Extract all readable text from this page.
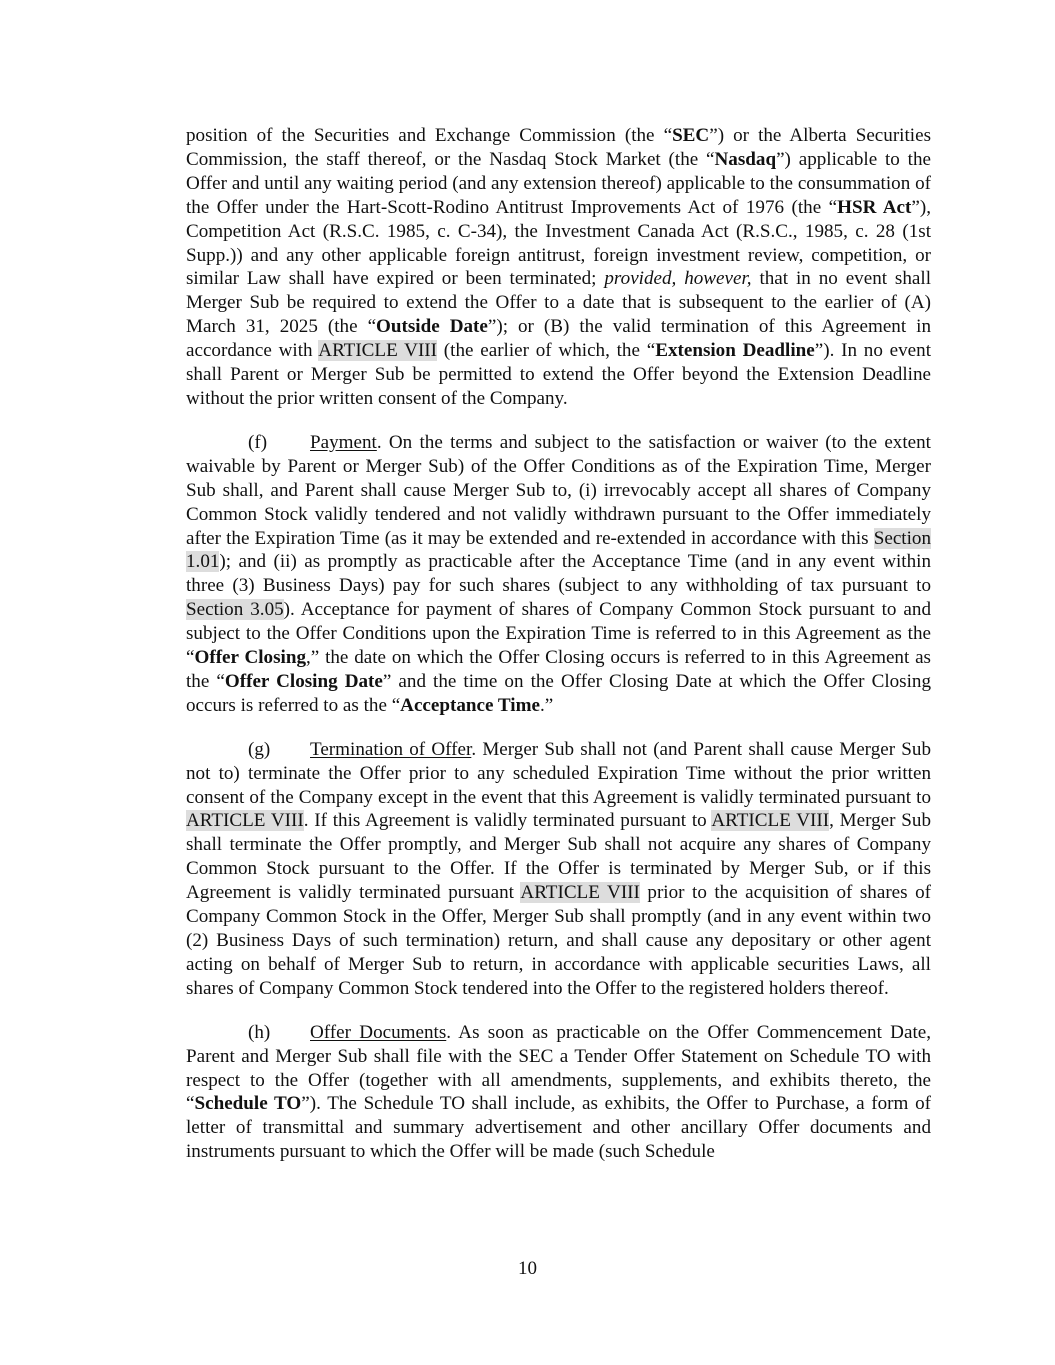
position of the Securities and Exchange Commission (the “SEC”) or the Alberta Securities Commission, the staff thereof, or the Nasdaq Stock Market (the “Nasdaq”) applicable to the Offer and until any waiting period (and any extension thereof) applicable to the consummation of the Offer under the Hart-Scott-Rodino Antitrust Improvements Act of 1976 (the “HSR Act”), Competition Act (R.S.C. 1985, c. C-34), the Investment Canada Act (R.S.C., 1985, c. 28 (1st Supp.)) and any other applicable foreign antitrust, foreign investment review, competition, or similar Law shall have expired or been terminated; provided, however, that in no event shall Merger Sub be required to extend the Offer to a date that is subsequent to the earlier of (A) March 31, 2025 (the “Outside Date”); or (B) the valid termination of this Agreement in accordance with ARTICLE VIII (the earlier of which, the “Extension Deadline”). In no event shall Parent or Merger Sub be permitted to extend the Offer beyond the Extension Deadline without the prior written consent of the Company.

(f) Payment. On the terms and subject to the satisfaction or waiver (to the extent waivable by Parent or Merger Sub) of the Offer Conditions as of the Expiration Time, Merger Sub shall, and Parent shall cause Merger Sub to, (i) irrevocably accept all shares of Company Common Stock validly tendered and not validly withdrawn pursuant to the Offer immediately after the Expiration Time (as it may be extended and re-extended in accordance with this Section 1.01); and (ii) as promptly as practicable after the Acceptance Time (and in any event within three (3) Business Days) pay for such shares (subject to any withholding of tax pursuant to Section 3.05). Acceptance for payment of shares of Company Common Stock pursuant to and subject to the Offer Conditions upon the Expiration Time is referred to in this Agreement as the “Offer Closing,” the date on which the Offer Closing occurs is referred to in this Agreement as the “Offer Closing Date” and the time on the Offer Closing Date at which the Offer Closing occurs is referred to as the “Acceptance Time.”

(g) Termination of Offer. Merger Sub shall not (and Parent shall cause Merger Sub not to) terminate the Offer prior to any scheduled Expiration Time without the prior written consent of the Company except in the event that this Agreement is validly terminated pursuant to ARTICLE VIII. If this Agreement is validly terminated pursuant to ARTICLE VIII, Merger Sub shall terminate the Offer promptly, and Merger Sub shall not acquire any shares of Company Common Stock pursuant to the Offer. If the Offer is terminated by Merger Sub, or if this Agreement is validly terminated pursuant ARTICLE VIII prior to the acquisition of shares of Company Common Stock in the Offer, Merger Sub shall promptly (and in any event within two (2) Business Days of such termination) return, and shall cause any depositary or other agent acting on behalf of Merger Sub to return, in accordance with applicable securities Laws, all shares of Company Common Stock tendered into the Offer to the registered holders thereof.

(h) Offer Documents. As soon as practicable on the Offer Commencement Date, Parent and Merger Sub shall file with the SEC a Tender Offer Statement on Schedule TO with respect to the Offer (together with all amendments, supplements, and exhibits thereto, the “Schedule TO”). The Schedule TO shall include, as exhibits, the Offer to Purchase, a form of letter of transmittal and summary advertisement and other ancillary Offer documents and instruments pursuant to which the Offer will be made (such Schedule

10
